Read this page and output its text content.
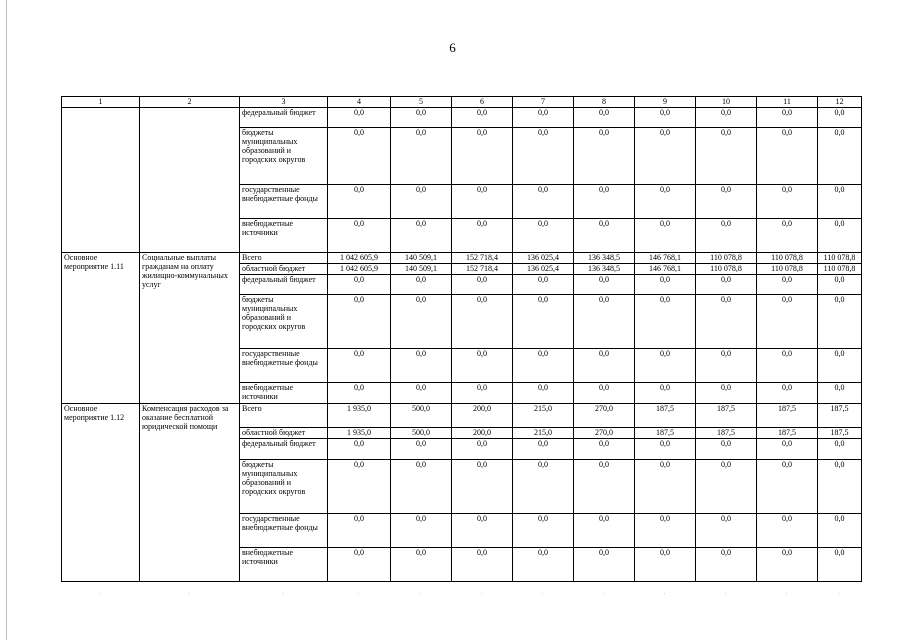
6
1	2	3	4	5	6	7	8	9	10	11	12
		федеральный бюджет	0,0	0,0	0,0	0,0	0,0	0,0	0,0	0,0	0,0
		бюджеты муниципальных образований и городских округов	0,0	0,0	0,0	0,0	0,0	0,0	0,0	0,0	0,0
		государственные внебюджетные фонды	0,0	0,0	0,0	0,0	0,0	0,0	0,0	0,0	0,0
		внебюджетные источники	0,0	0,0	0,0	0,0	0,0	0,0	0,0	0,0	0,0
Основное мероприятие 1.11	Социальные выплаты гражданам на оплату жилищно-коммунальных услуг	Всего	1 042 605,9	140 509,1	152 718,4	136 025,4	136 348,5	146 768,1	110 078,8	110 078,8	110 078,8
		областной бюджет	1 042 605,9	140 509,1	152 718,4	136 025,4	136 348,5	146 768,1	110 078,8	110 078,8	110 078,8
		федеральный бюджет	0,0	0,0	0,0	0,0	0,0	0,0	0,0	0,0	0,0
		бюджеты муниципальных образований и городских округов	0,0	0,0	0,0	0,0	0,0	0,0	0,0	0,0	0,0
		государственные внебюджетные фонды	0,0	0,0	0,0	0,0	0,0	0,0	0,0	0,0	0,0
		внебюджетные источники	0,0	0,0	0,0	0,0	0,0	0,0	0,0	0,0	0,0
Основное мероприятие 1.12	Компенсация расходов за оказание бесплатной юридической помощи	Всего	1 935,0	500,0	200,0	215,0	270,0	187,5	187,5	187,5	187,5
		областной бюджет	1 935,0	500,0	200,0	215,0	270,0	187,5	187,5	187,5	187,5
		федеральный бюджет	0,0	0,0	0,0	0,0	0,0	0,0	0,0	0,0	0,0
		бюджеты муниципальных образований и городских округов	0,0	0,0	0,0	0,0	0,0	0,0	0,0	0,0	0,0
		государственные внебюджетные фонды	0,0	0,0	0,0	0,0	0,0	0,0	0,0	0,0	0,0
		внебюджетные источники	0,0	0,0	0,0	0,0	0,0	0,0	0,0	0,0	0,0
˙	˙	˙	˙	˙	˙	˙	˙	˙	˙	˙	˙
